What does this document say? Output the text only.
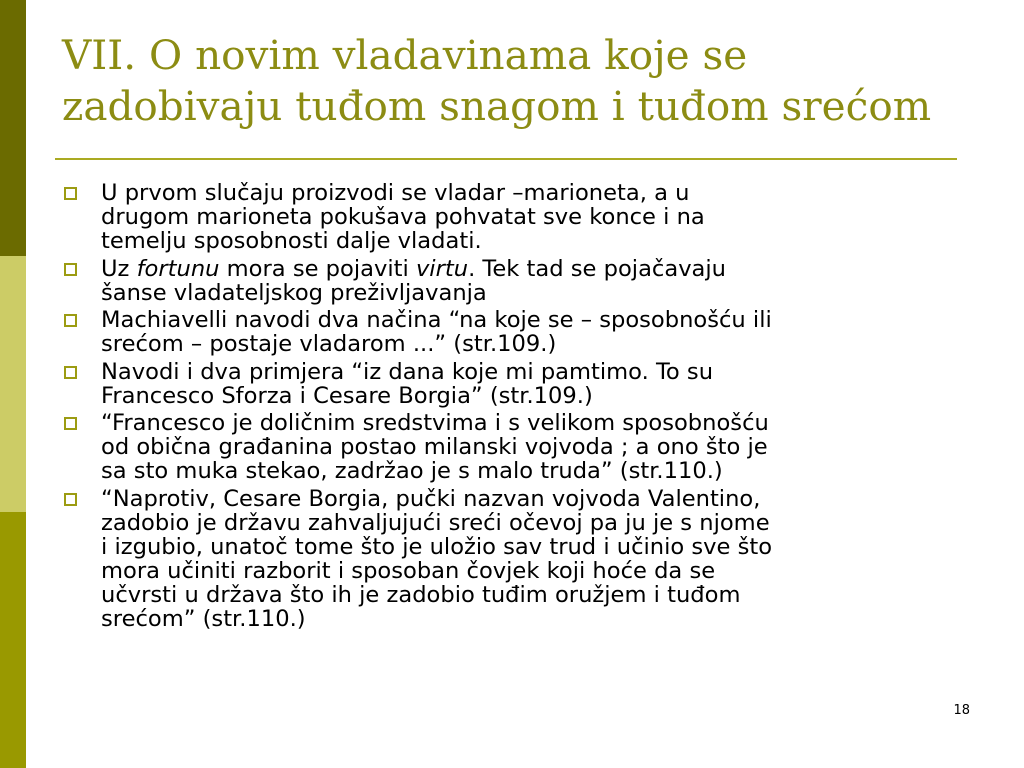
VII. O novim vladavinama koje se
zadobivaju tuđom snagom i tuđom srećom
U prvom slučaju proizvodi se vladar –marioneta, a u
drugom marioneta pokušava pohvatat sve konce i na
temelju sposobnosti dalje vladati.
Uz fortunu mora se pojaviti virtu. Tek tad se pojačavaju
šanse vladateljskog preživljavanja
Machiavelli navodi dva načina “na koje se – sposobnošću ili
srećom – postaje vladarom ...” (str.109.)
Navodi i dva primjera “iz dana koje mi pamtimo. To su
Francesco Sforza i Cesare Borgia” (str.109.)
“Francesco je doličnim sredstvima i s velikom sposobnošću
od obična građanina postao milanski vojvoda ; a ono što je
sa sto muka stekao, zadržao je s malo truda” (str.110.)
“Naprotiv, Cesare Borgia, pučki nazvan vojvoda Valentino,
zadobio je državu zahvaljujući sreći očevoj pa ju je s njome
i izgubio, unatoč tome što je uložio sav trud i učinio sve što
mora učiniti razborit i sposoban čovjek koji hoće da se
učvrsti u država što ih je zadobio tuđim oružjem i tuđom
srećom” (str.110.)
18
